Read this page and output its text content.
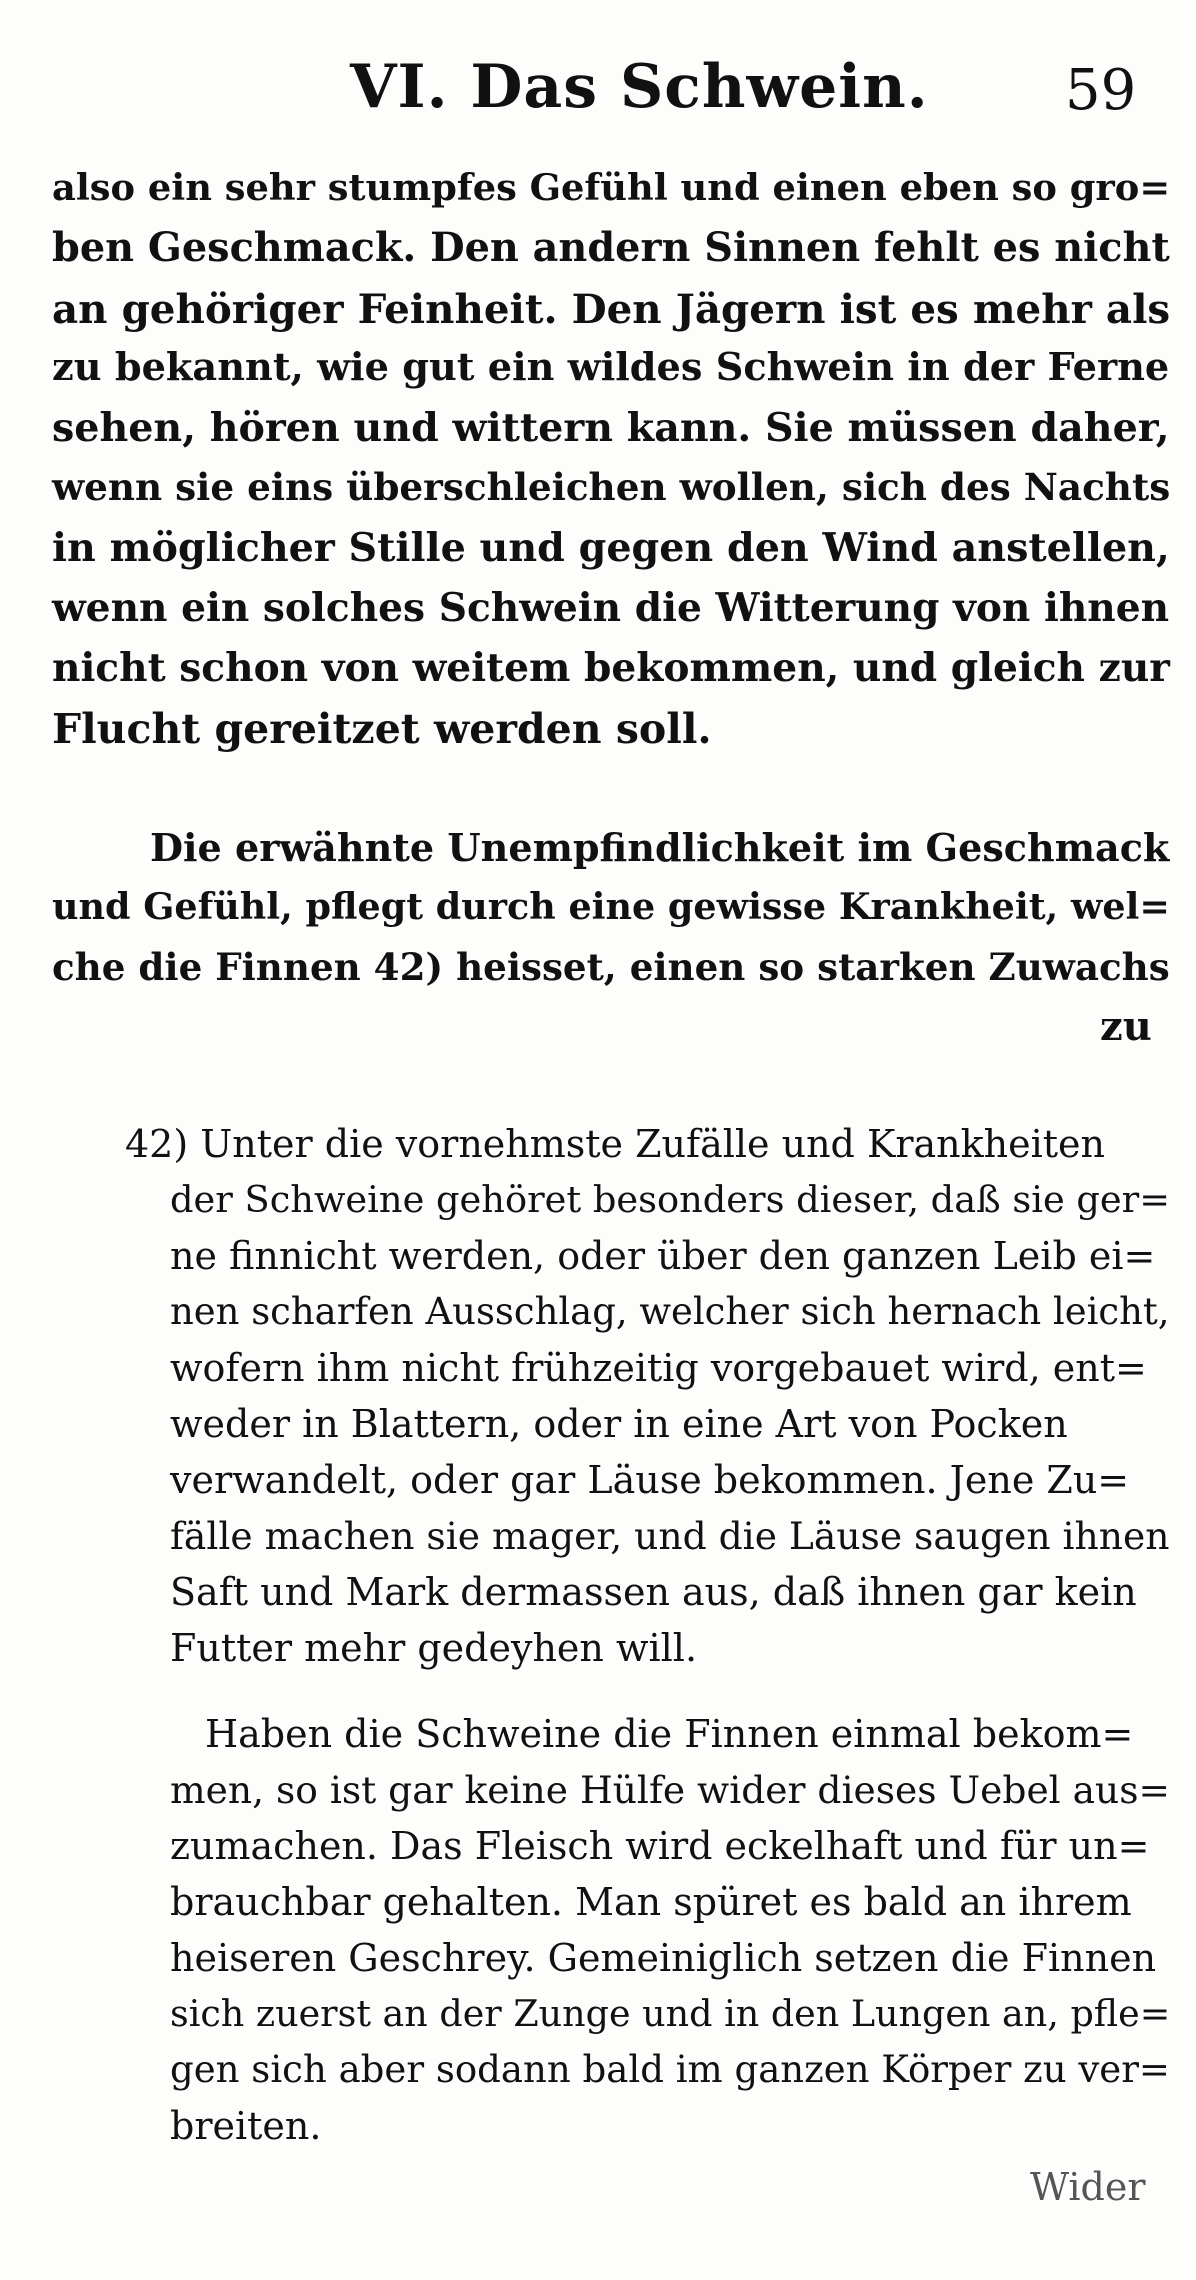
VI. Das Schwein. 59
also ein sehr stumpfes Gefühl und einen eben so gro=
ben Geschmack. Den andern Sinnen fehlt es nicht
an gehöriger Feinheit. Den Jägern ist es mehr als
zu bekannt, wie gut ein wildes Schwein in der Ferne
sehen, hören und wittern kann. Sie müssen daher,
wenn sie eins überschleichen wollen, sich des Nachts
in möglicher Stille und gegen den Wind anstellen,
wenn ein solches Schwein die Witterung von ihnen
nicht schon von weitem bekommen, und gleich zur
Flucht gereitzet werden soll.
Die erwähnte Unempfindlichkeit im Geschmack
und Gefühl, pflegt durch eine gewisse Krankheit, wel=
che die Finnen 42) heisset, einen so starken Zuwachs
zu
42) Unter die vornehmste Zufälle und Krankheiten
der Schweine gehöret besonders dieser, daß sie ger=
ne finnicht werden, oder über den ganzen Leib ei=
nen scharfen Ausschlag, welcher sich hernach leicht,
wofern ihm nicht frühzeitig vorgebauet wird, ent=
weder in Blattern, oder in eine Art von Pocken
verwandelt, oder gar Läuse bekommen. Jene Zu=
fälle machen sie mager, und die Läuse saugen ihnen
Saft und Mark dermassen aus, daß ihnen gar kein
Futter mehr gedeyhen will.
Haben die Schweine die Finnen einmal bekom=
men, so ist gar keine Hülfe wider dieses Uebel aus=
zumachen. Das Fleisch wird eckelhaft und für un=
brauchbar gehalten. Man spüret es bald an ihrem
heiseren Geschrey. Gemeiniglich setzen die Finnen
sich zuerst an der Zunge und in den Lungen an, pfle=
gen sich aber sodann bald im ganzen Körper zu ver=
breiten.
Wider
